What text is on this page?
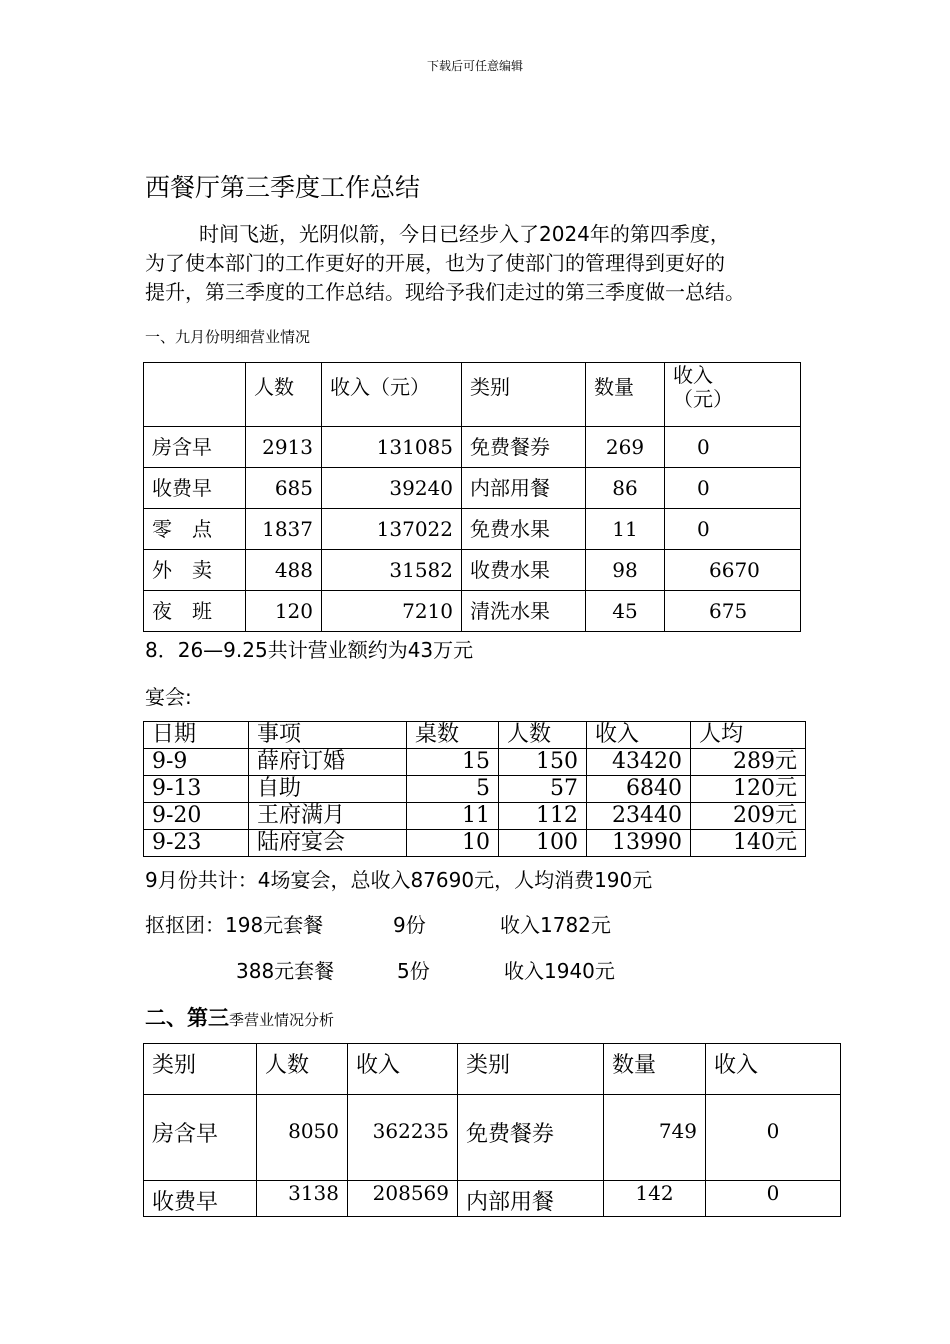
下载后可任意编辑
西餐厅第三季度工作总结
时间飞逝，光阴似箭，今日已经步入了2024年的第四季度，
为了使本部门的工作更好的开展，也为了使部门的管理得到更好的
提升，第三季度的工作总结。现给予我们走过的第三季度做一总结。
一、九月份明细营业情况

	人数	收入（元）	类别	数量	收入
（元）

房含早	2913	131085	免费餐券	269	0

收费早	685	39240	内部用餐	86	0

零　点	1837	137022	免费水果	11	0

外　卖	488	31582	收费水果	98	6670

夜　班	120	7210	清洗水果	45	675
8．26—9.25共计营业额约为43万元
宴会:
日期	事项	桌数	人数	收入	人均
9-9	薛府订婚	15	150	43420	289元
9-13	自助	5	57	6840	120元
9-20	王府满月	11	112	23440	209元
9-23	陆府宴会	10	100	13990	140元
9月份共计：4场宴会，总收入87690元，人均消费190元
抠抠团：198元套餐	9份	收入1782元
388元套餐	5份	收入1940元
二、第三季营业情况分析
类别	人数	收入	类别	数量	收入
房含早	8050	362235	免费餐券	749	0
收费早	3138	208569	内部用餐	142	0
